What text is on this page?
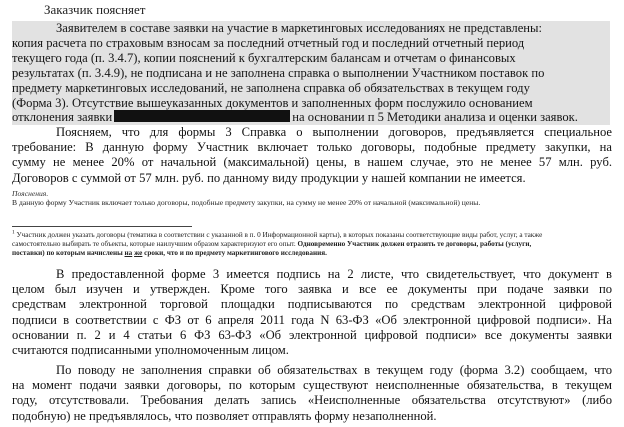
Заказчик поясняет
Заявителем в составе заявки на участие в маркетинговых исследованиях не представлены:
копия расчета по страховым взносам за последний отчетный год и последний отчетный период
текущего года (п. 3.4.7), копии пояснений к бухгалтерским балансам и отчетам о финансовых
результатах (п. 3.4.9), не подписана и не заполнена справка о выполнении Участником поставок по
предмету маркетинговых исследований, не заполнена справка об обязательствах в текущем году
(Форма 3). Отсутствие вышеуказанных документов и заполненных форм послужило основанием
отклонения заявки	на основании п 5 Методики анализа и оценки заявок.
Поясняем, что для формы 3 Справка о выполнении договоров, предъявляется специальное
требование: В данную форму Участник включает только договоры, подобные предмету закупки, на
сумму не менее 20% от начальной (максимальной) цены, в нашем случае, это не менее 57 млн. руб.
Договоров с суммой от 57 млн. руб. по данному виду продукции у нашей компании не имеется.
Пояснения.
В данную форму Участник включает только договоры, подобные предмету закупки, на сумму не менее 20% от начальной (максимальной) цены.
$^1$ Участник должен указать договоры (тематика в соответствии с указанной в п. 0 Информационной карты), в которых показаны соответствующие виды работ, услуг, а также
самостоятельно выбирать те объекты, которые наилучшим образом характеризуют его опыт. Одновременно Участник должен отразить те договоры, работы (услуги,
поставки) по которым начислены на же сроки, что и по предмету маркетингового исследования.
В предоставленной форме 3 имеется подпись на 2 листе, что свидетельствует, что документ в
целом был изучен и утвержден. Кроме того заявка и все ее документы при подаче заявки по
средствам электронной торговой площадки подписываются по средствам электронной цифровой
подписи в соответствии с ФЗ от 6 апреля 2011 года N 63-ФЗ «Об электронной цифровой подписи». На
основании п. 2 и 4 статьи 6 ФЗ 63-ФЗ «Об электронной цифровой подписи» все документы заявки
считаются подписанными уполномоченным лицом.
По поводу не заполнения справки об обязательствах в текущем году (форма 3.2) сообщаем, что
на момент подачи заявки договоры, по которым существуют неисполненные обязательства, в текущем
году, отсутствовали. Требования делать запись «Неисполненные обязательства отсутствуют» (либо
подобную) не предъявлялось, что позволяет отправлять форму незаполненной.
